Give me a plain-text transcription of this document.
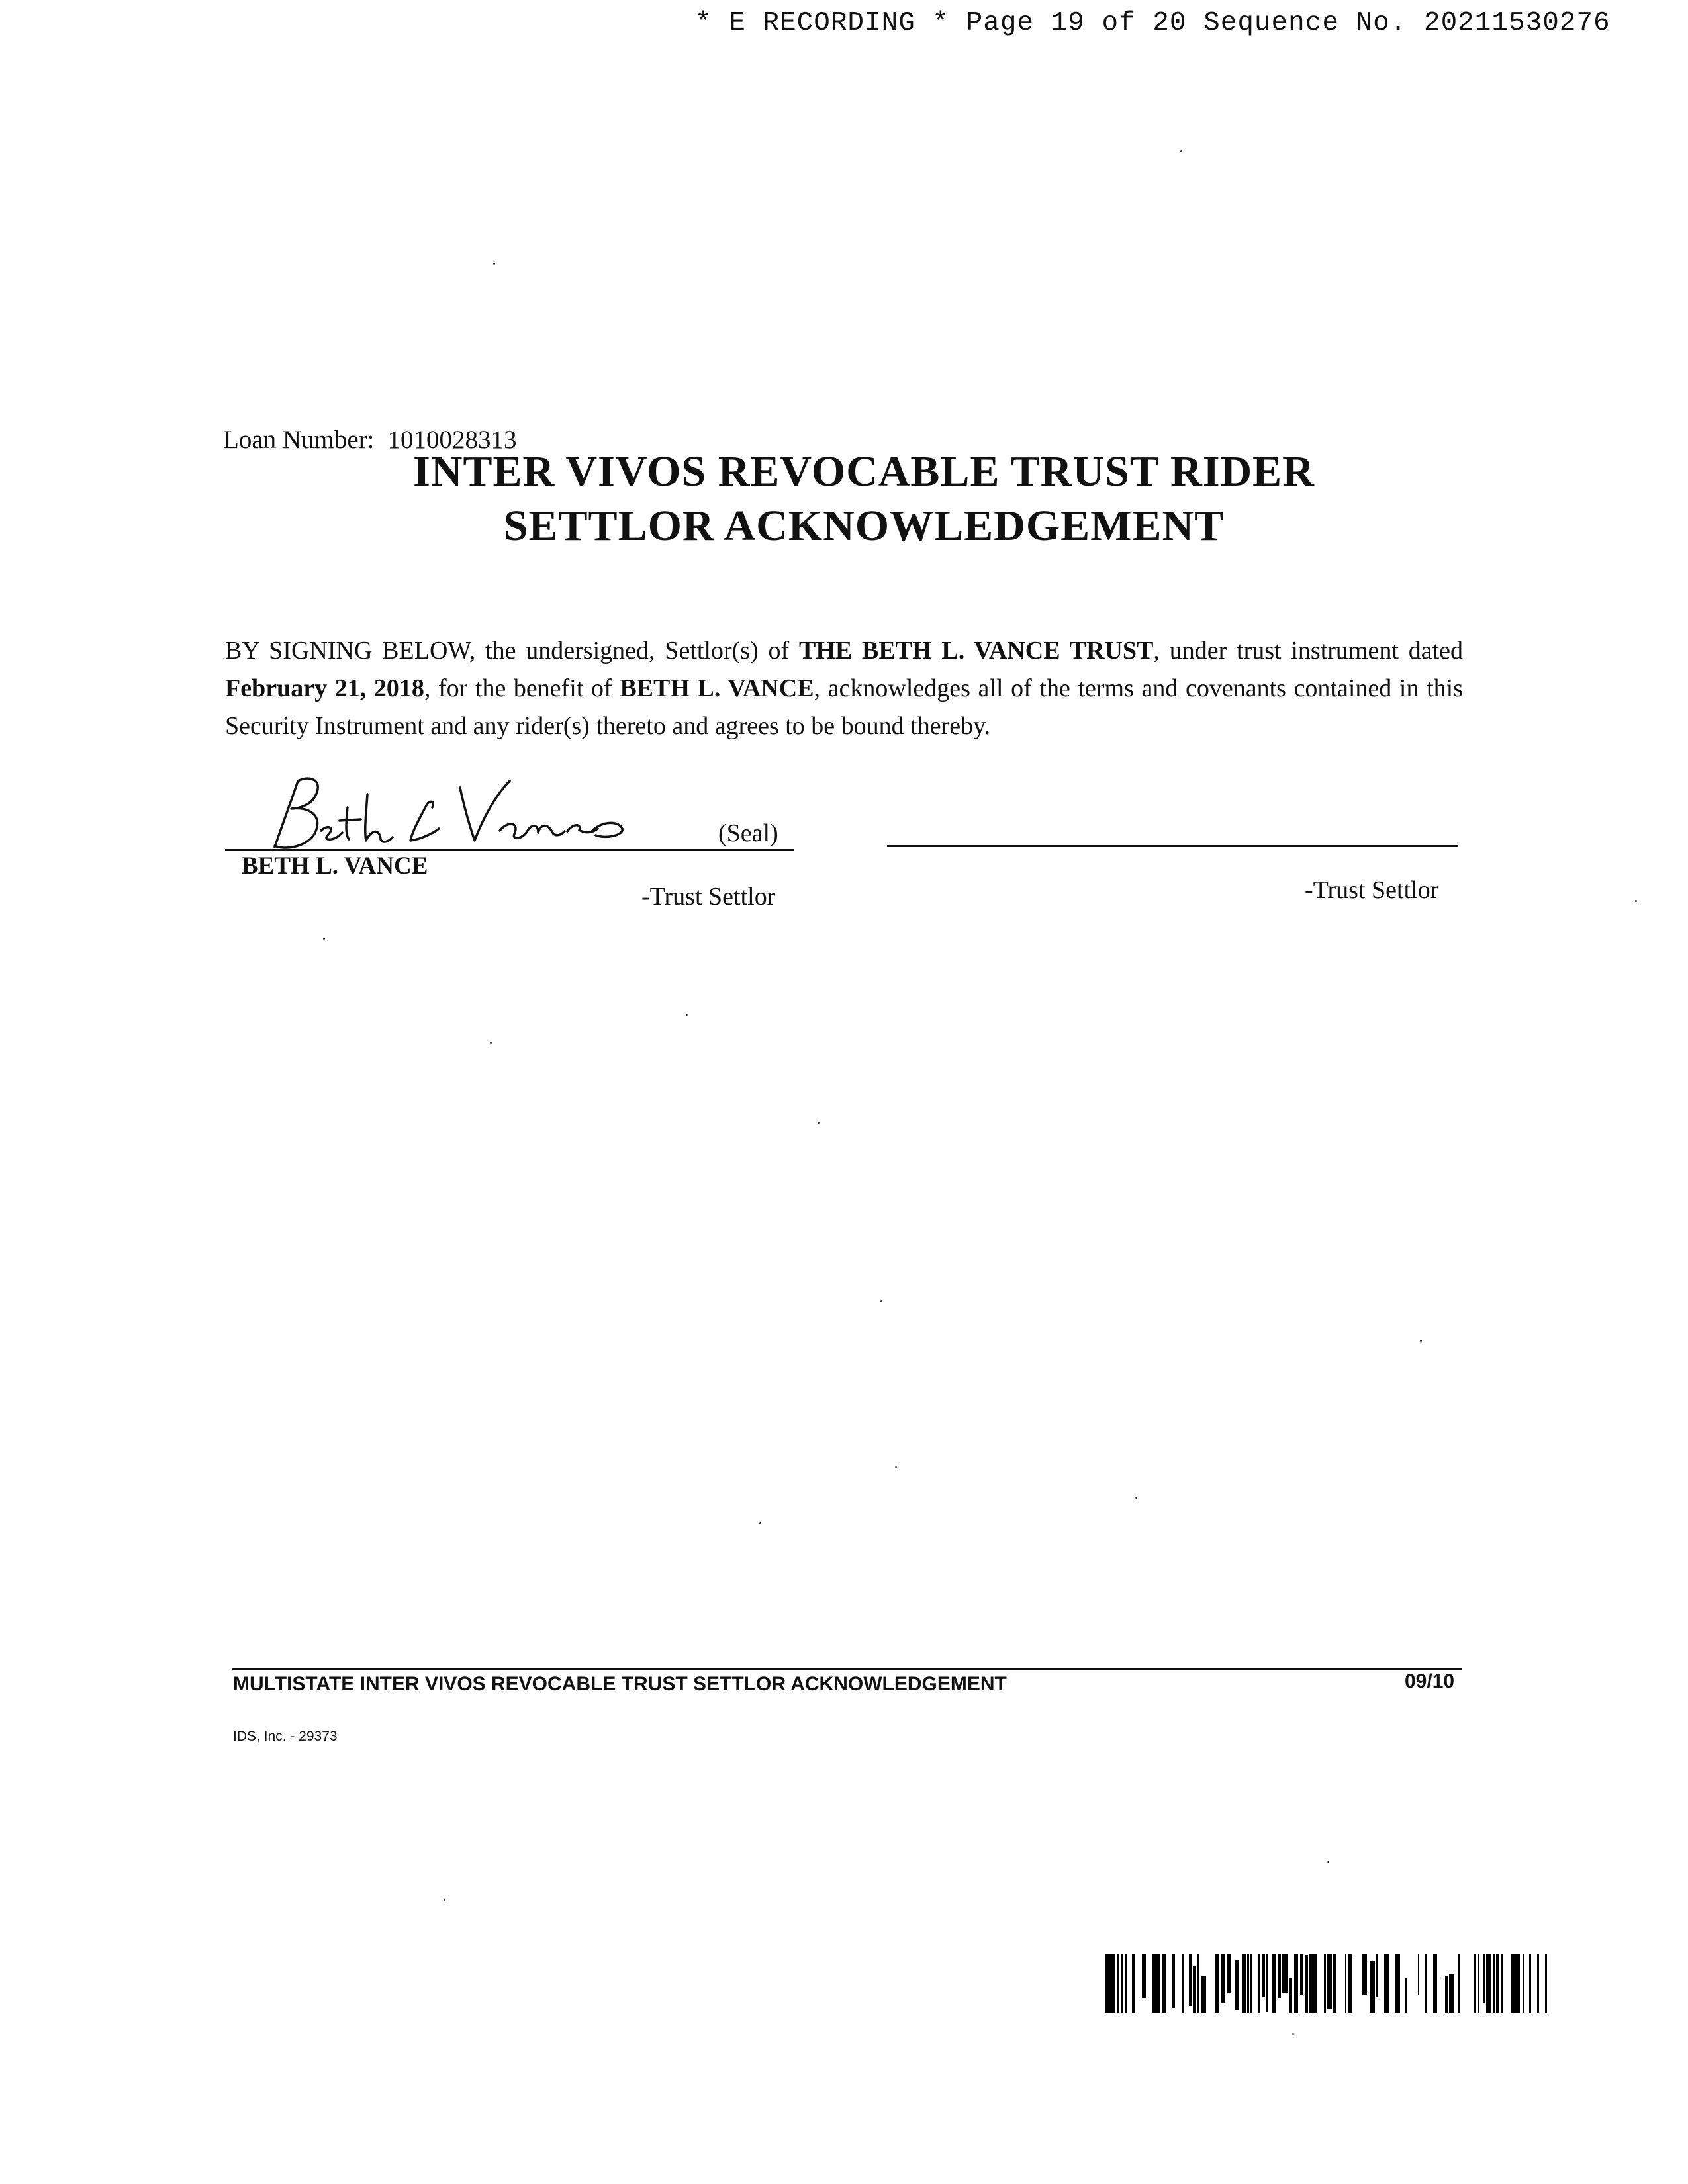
* E RECORDING * Page 19 of 20 Sequence No. 20211530276
Loan Number: 1010028313
INTER VIVOS REVOCABLE TRUST RIDER
SETTLOR ACKNOWLEDGEMENT
BY SIGNING BELOW, the undersigned, Settlor(s) of THE BETH L. VANCE TRUST, under trust instrument dated February 21, 2018, for the benefit of BETH L. VANCE, acknowledges all of the terms and covenants contained in this Security Instrument and any rider(s) thereto and agrees to be bound thereby.
(Seal)
BETH L. VANCE
-Trust Settlor	-Trust Settlor
MULTISTATE INTER VIVOS REVOCABLE TRUST SETTLOR ACKNOWLEDGEMENT	09/10
IDS, Inc. - 29373
